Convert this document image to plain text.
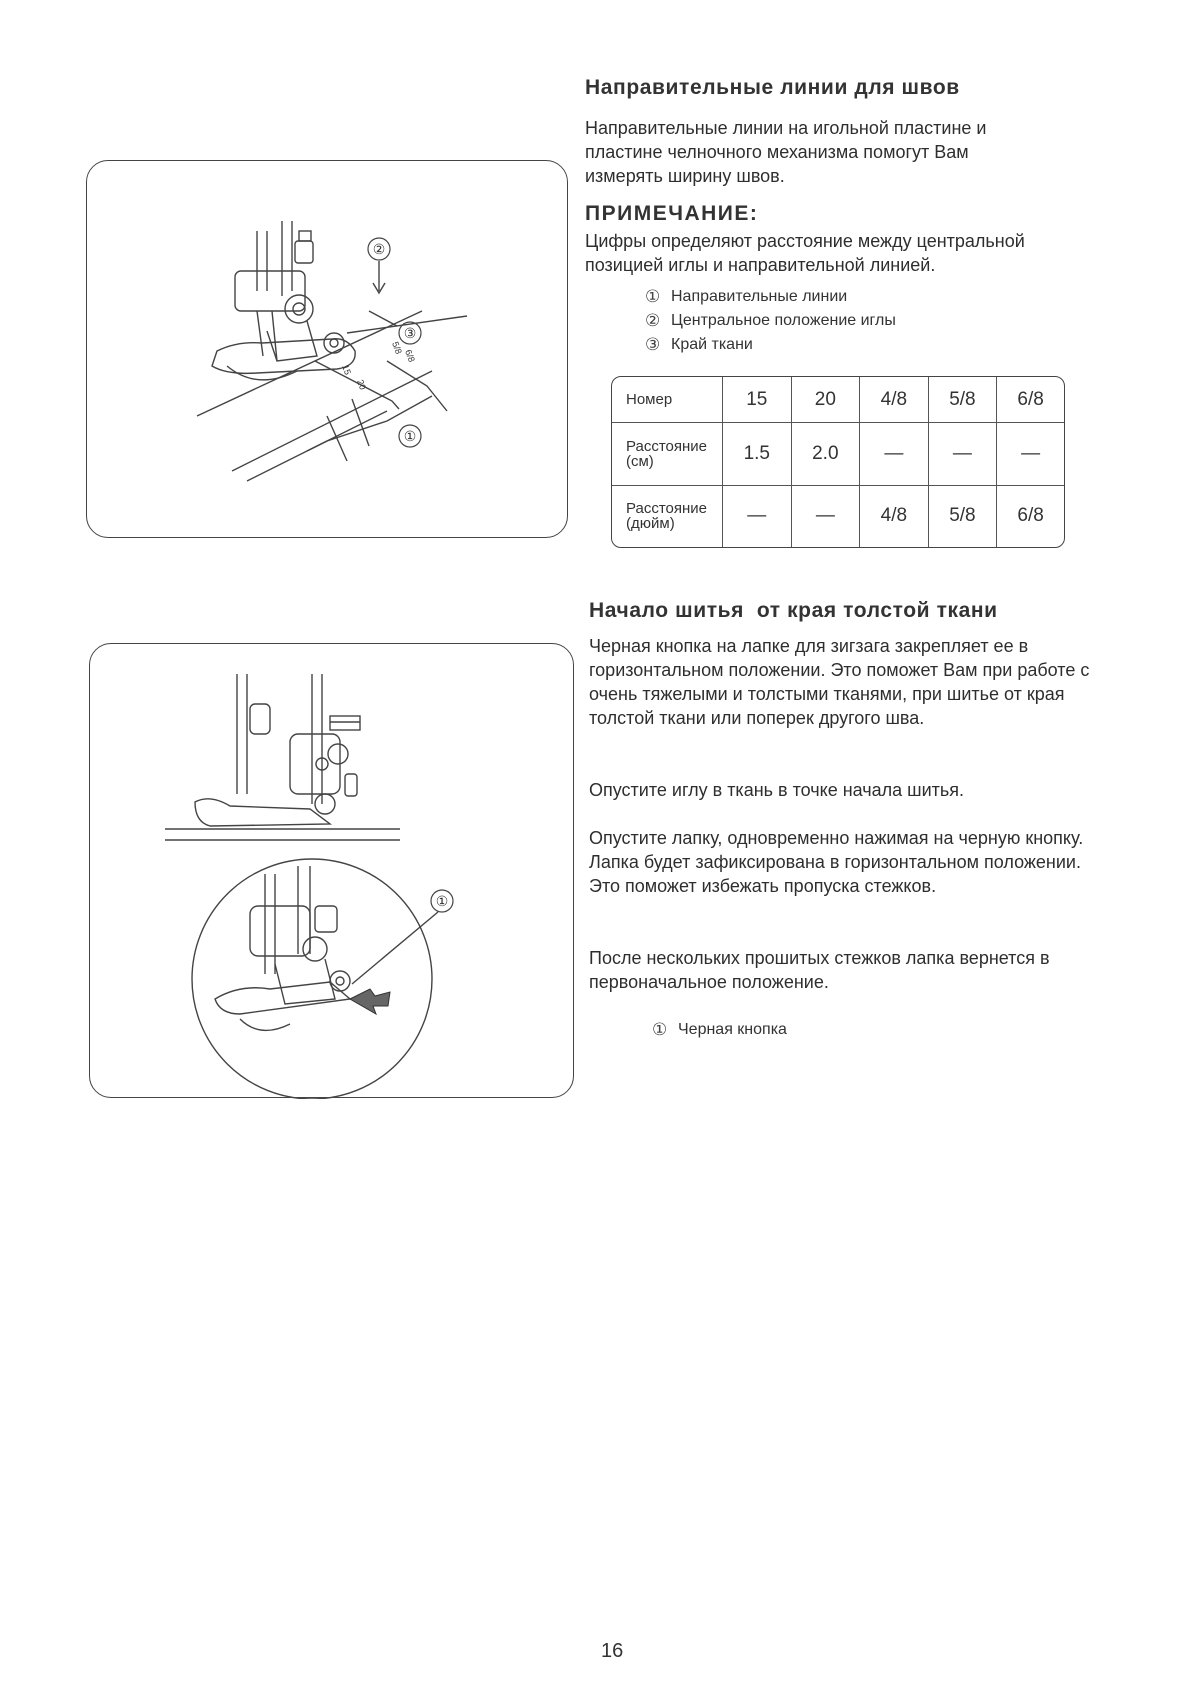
②
③
①
15
20
5/8
6/8
①
Направительные линии для швов

Направительные линии на игольной пластине и пластине челночного механизма помогут Вам измерять ширину швов.

ПРИМЕЧАНИЕ:

Цифры определяют расстояние между центральной позицией иглы и направительной линией.

① Направительные линии
② Центральное положение иглы
③ Край ткани
Номер	15	20	4/8	5/8	6/8
Расстояние (см)	1.5	2.0	—	—	—
Расстояние (дюйм)	—	—	4/8	5/8	6/8
Начало шитья  от края толстой ткани

Черная кнопка на лапке для зигзага закрепляет ее в горизонтальном положении. Это поможет Вам при работе с очень тяжелыми и толстыми тканями, при шитье от края толстой ткани или поперек другого шва.

Опустите иглу в ткань в точке начала шитья.

Опустите лапку, одновременно нажимая на черную кнопку. Лапка будет зафиксирована в горизонтальном положении. Это поможет избежать пропуска стежков.

После нескольких прошитых стежков лапка вернется в первоначальное положение.

① Черная кнопка
16
